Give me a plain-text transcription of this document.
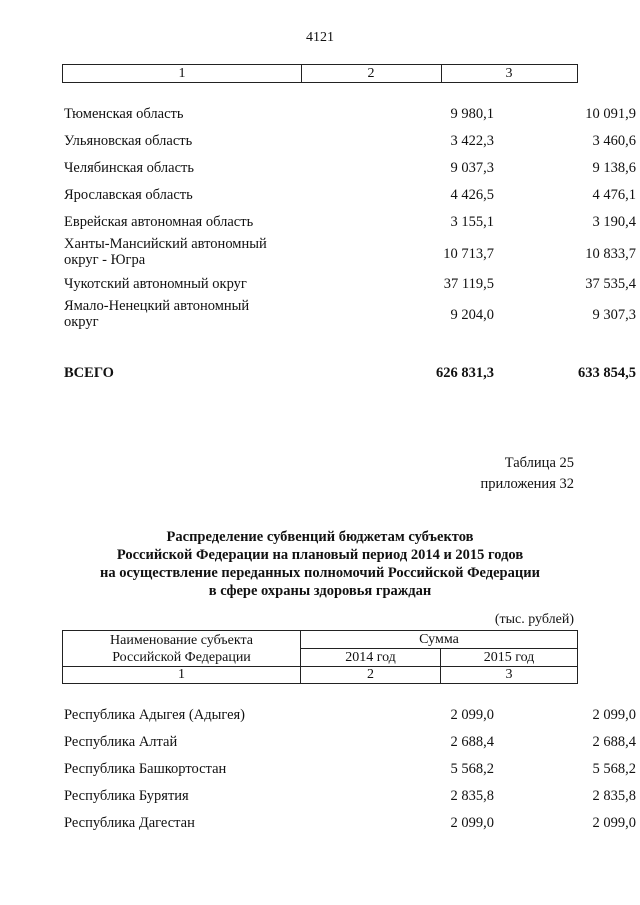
4121
1	2	3
Тюменская область	9 980,1	10 091,9
Ульяновская область	3 422,3	3 460,6
Челябинская область	9 037,3	9 138,6
Ярославская область	4 426,5	4 476,1
Еврейская автономная область	3 155,1	3 190,4
Ханты-Мансийский автономный округ - Югра	10 713,7	10 833,7
Чукотский автономный округ	37 119,5	37 535,4
Ямало-Ненецкий автономный округ	9 204,0	9 307,3
ВСЕГО	626 831,3	633 854,5
Таблица 25
приложения 32
Распределение субвенций бюджетам субъектов
Российской Федерации на плановый период 2014 и 2015 годов
на осуществление переданных полномочий Российской Федерации
в сфере охраны здоровья граждан
(тыс. рублей)
Наименование субъекта
Российской Федерации
Сумма
2014 год	2015 год
1	2	3
Республика Адыгея (Адыгея)	2 099,0	2 099,0
Республика Алтай	2 688,4	2 688,4
Республика Башкортостан	5 568,2	5 568,2
Республика Бурятия	2 835,8	2 835,8
Республика Дагестан	2 099,0	2 099,0
